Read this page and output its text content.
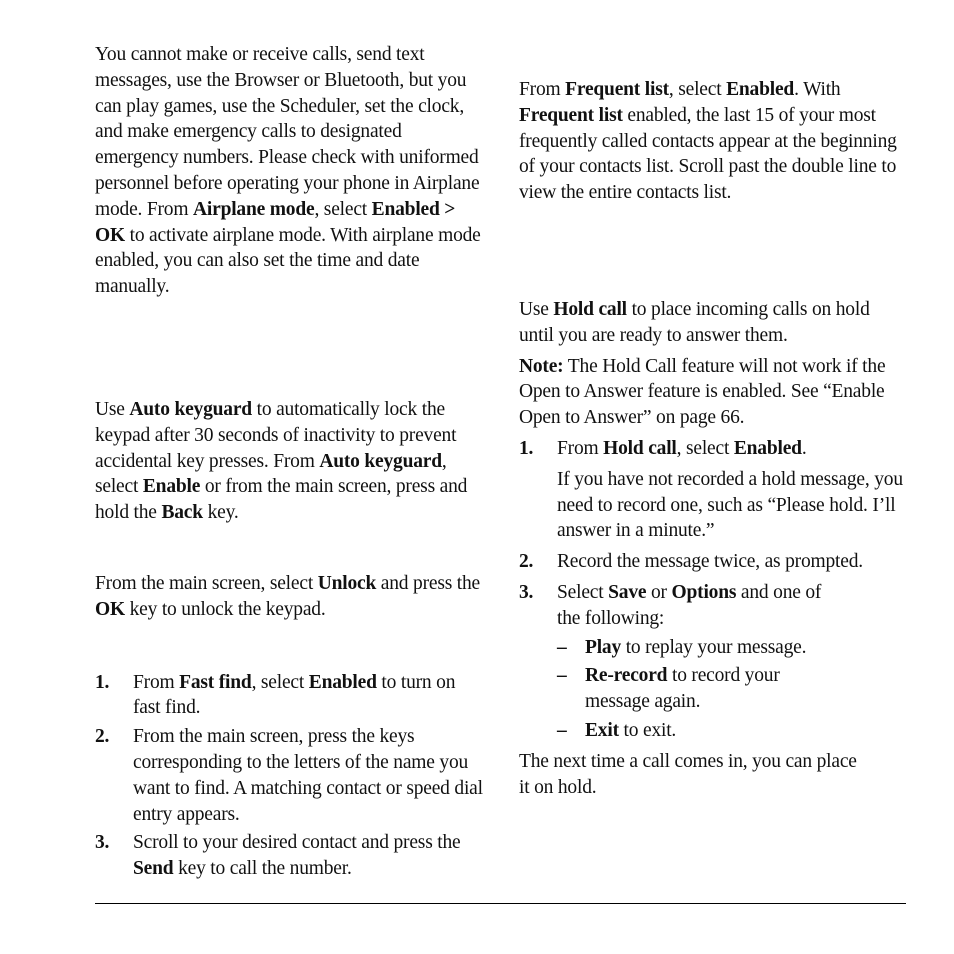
You cannot make or receive calls, send text messages, use the Browser or Bluetooth, but you can play games, use the Scheduler, set the clock, and make emergency calls to designated emergency numbers. Please check with uniformed personnel before operating your phone in Airplane mode. From Airplane mode, select Enabled > OK to activate airplane mode. With airplane mode enabled, you can also set the time and date manually.

Use Auto keyguard to automatically lock the keypad after 30 seconds of inactivity to prevent accidental key presses. From Auto keyguard, select Enable or from the main screen, press and hold the Back key.

From the main screen, select Unlock and press the OK key to unlock the keypad.

1. From Fast find, select Enabled to turn on fast find.
2. From the main screen, press the keys corresponding to the letters of the name you want to find. A matching contact or speed dial entry appears.
3. Scroll to your desired contact and press the Send key to call the number.

From Frequent list, select Enabled. With Frequent list enabled, the last 15 of your most frequently called contacts appear at the beginning of your contacts list. Scroll past the double line to view the entire contacts list.

Use Hold call to place incoming calls on hold until you are ready to answer them.

Note: The Hold Call feature will not work if the Open to Answer feature is enabled. See “Enable Open to Answer” on page 66.

1. From Hold call, select Enabled.

If you have not recorded a hold message, you need to record one, such as “Please hold. I’ll answer in a minute.”

2. Record the message twice, as prompted.
3. Select Save or Options and one of the following:
– Play to replay your message.
– Re-record to record your message again.
– Exit to exit.

The next time a call comes in, you can place it on hold.
